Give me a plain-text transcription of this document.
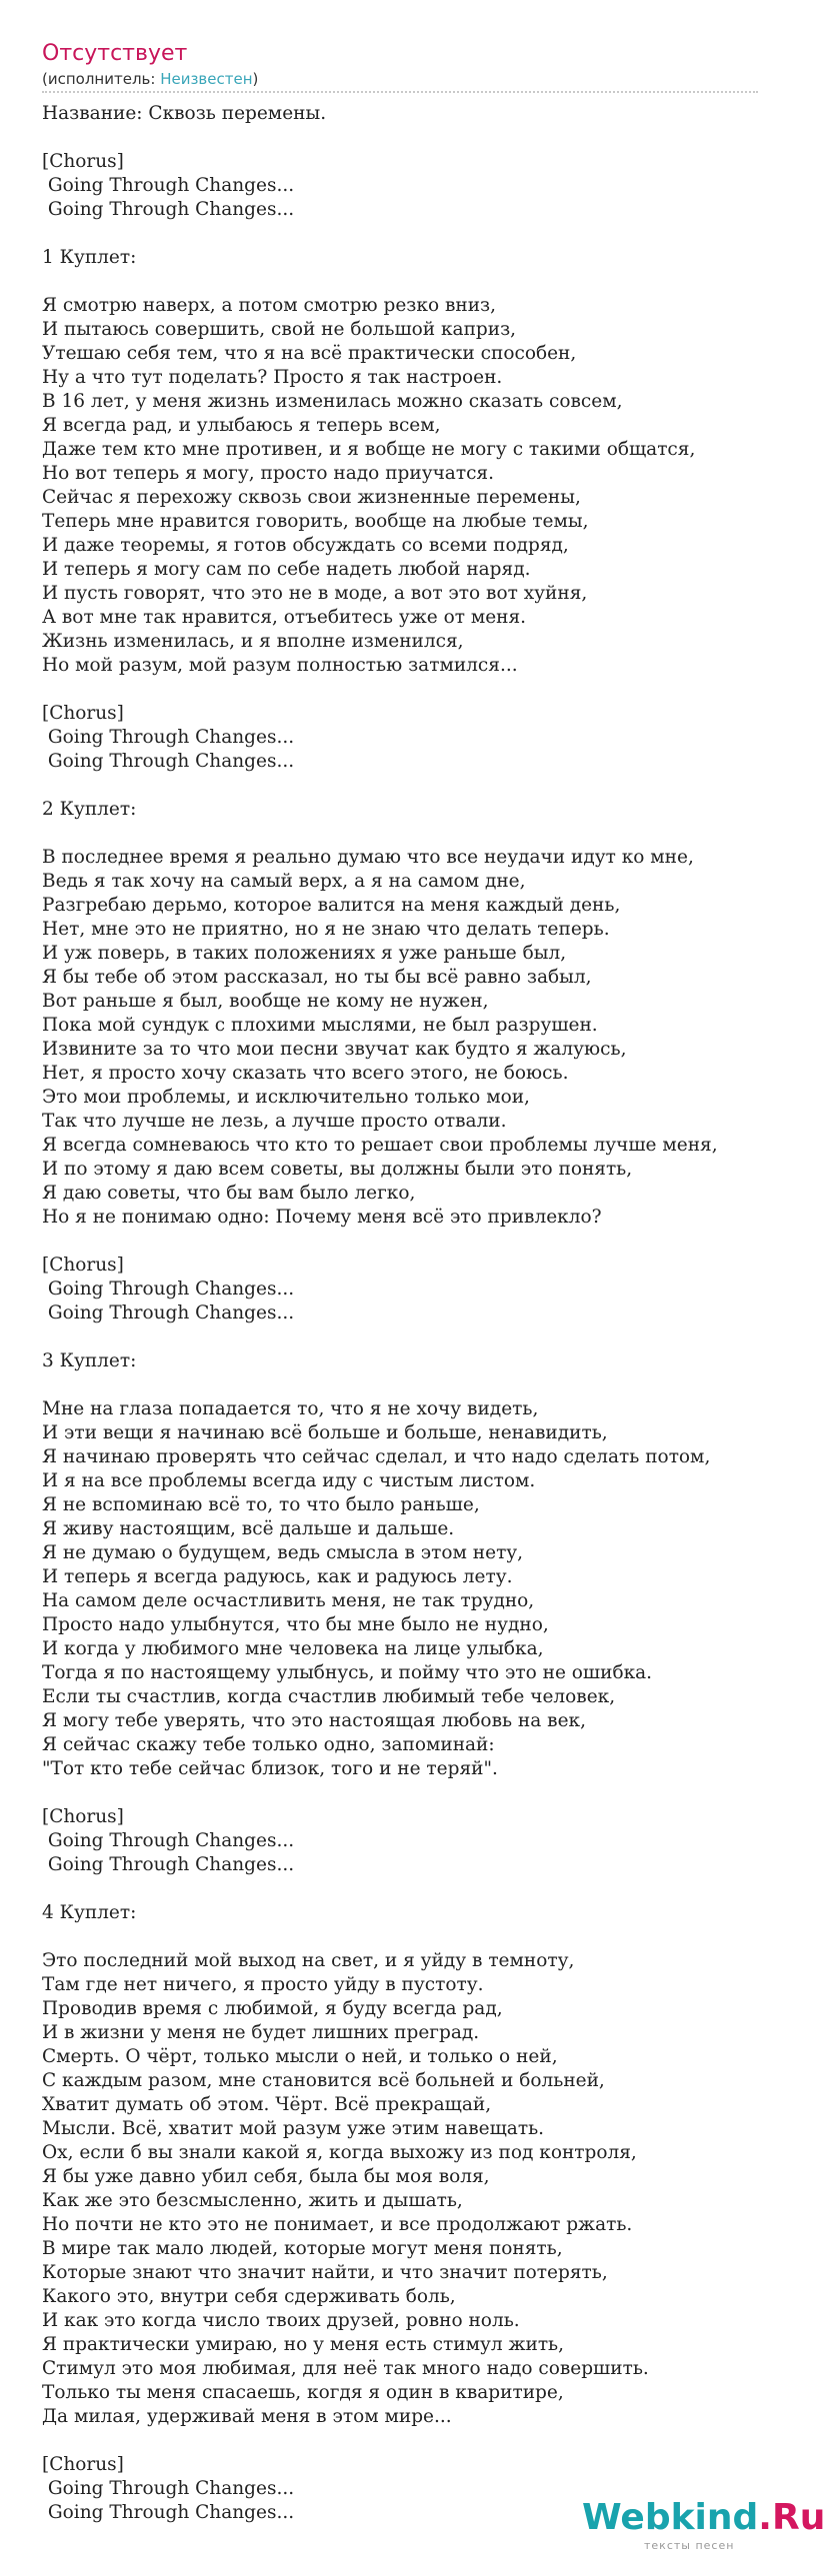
Отсутствует
(исполнитель: Неизвестен)
Название: Сквозь перемены.

[Chorus]
Going Through Changes...
Going Through Changes...

1 Куплет:

Я смотрю наверх, а потом смотрю резко вниз,
И пытаюсь совершить, свой не большой каприз,
Утешаю себя тем, что я на всё практически способен,
Ну а что тут поделать? Просто я так настроен.
В 16 лет, у меня жизнь изменилась можно сказать совсем,
Я всегда рад, и улыбаюсь я теперь всем,
Даже тем кто мне противен, и я вобще не могу с такими общатся,
Но вот теперь я могу, просто надо приучатся.
Сейчас я перехожу сквозь свои жизненные перемены,
Теперь мне нравится говорить, вообще на любые темы,
И даже теоремы, я готов обсуждать со всеми подряд,
И теперь я могу сам по себе надеть любой наряд.
И пусть говорят, что это не в моде, а вот это вот хуйня,
А вот мне так нравится, отъебитесь уже от меня.
Жизнь изменилась, и я вполне изменился,
Но мой разум, мой разум полностью затмился...

[Chorus]
Going Through Changes...
Going Through Changes...

2 Куплет:

В последнее время я реально думаю что все неудачи идут ко мне,
Ведь я так хочу на самый верх, а я на самом дне,
Разгребаю дерьмо, которое валится на меня каждый день,
Нет, мне это не приятно, но я не знаю что делать теперь.
И уж поверь, в таких положениях я уже раньше был,
Я бы тебе об этом рассказал, но ты бы всё равно забыл,
Вот раньше я был, вообще не кому не нужен,
Пока мой сундук с плохими мыслями, не был разрушен.
Извините за то что мои песни звучат как будто я жалуюсь,
Нет, я просто хочу сказать что всего этого, не боюсь.
Это мои проблемы, и исключительно только мои,
Так что лучше не лезь, а лучше просто отвали.
Я всегда сомневаюсь что кто то решает свои проблемы лучше меня,
И по этому я даю всем советы, вы должны были это понять,
Я даю советы, что бы вам было легко,
Но я не понимаю одно: Почему меня всё это привлекло?

[Chorus]
Going Through Changes...
Going Through Changes...

3 Куплет:

Мне на глаза попадается то, что я не хочу видеть,
И эти вещи я начинаю всё больше и больше, ненавидить,
Я начинаю проверять что сейчас сделал, и что надо сделать потом,
И я на все проблемы всегда иду с чистым листом.
Я не вспоминаю всё то, то что было раньше,
Я живу настоящим, всё дальше и дальше.
Я не думаю о будущем, ведь смысла в этом нету,
И теперь я всегда радуюсь, как и радуюсь лету.
На самом деле осчастливить меня, не так трудно,
Просто надо улыбнутся, что бы мне было не нудно,
И когда у любимого мне человека на лице улыбка,
Тогда я по настоящему улыбнусь, и пойму что это не ошибка.
Если ты счастлив, когда счастлив любимый тебе человек,
Я могу тебе уверять, что это настоящая любовь на век,
Я сейчас скажу тебе только одно, запоминай:
"Тот кто тебе сейчас близок, того и не теряй".

[Chorus]
Going Through Changes...
Going Through Changes...

4 Куплет:

Это последний мой выход на свет, и я уйду в темноту,
Там где нет ничего, я просто уйду в пустоту.
Проводив время с любимой, я буду всегда рад,
И в жизни у меня не будет лишних преград.
Смерть. О чёрт, только мысли о ней, и только о ней,
С каждым разом, мне становится всё больней и больней,
Хватит думать об этом. Чёрт. Всё прекращай,
Мысли. Всё, хватит мой разум уже этим навещать.
Ох, если б вы знали какой я, когда выхожу из под контроля,
Я бы уже давно убил себя, была бы моя воля,
Как же это безсмысленно, жить и дышать,
Но почти не кто это не понимает, и все продолжают ржать.
В мире так мало людей, которые могут меня понять,
Которые знают что значит найти, и что значит потерять,
Какого это, внутри себя сдерживать боль,
И как это когда число твоих друзей, ровно ноль.
Я практически умираю, но у меня есть стимул жить,
Стимул это моя любимая, для неё так много надо совершить.
Только ты меня спасаешь, когдя я один в кваритире,
Да милая, удерживай меня в этом мире...

[Chorus]
Going Through Changes...
Going Through Changes...	Webkind.Ru
тексты песен
